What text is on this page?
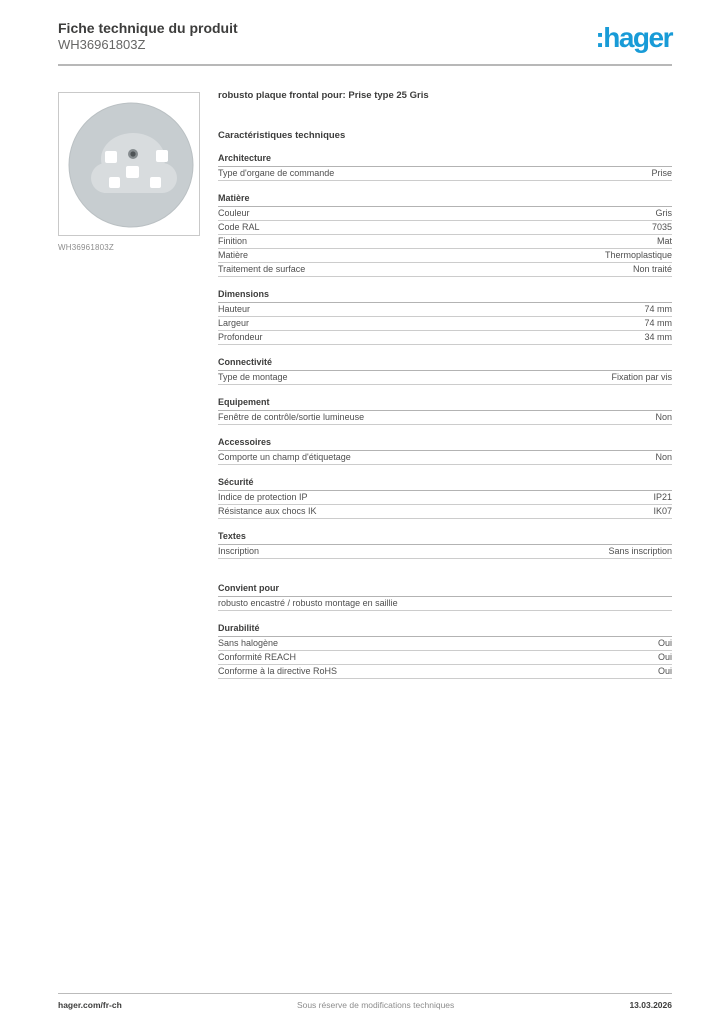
Fiche technique du produit
WH36961803Z	:hager
WH36961803Z
robusto plaque frontal pour: Prise type 25 Gris
Caractéristiques techniques
Architecture
Type d'organe de commande	Prise
Matière
Couleur	Gris
Code RAL	7035
Finition	Mat
Matière	Thermoplastique
Traitement de surface	Non traité
Dimensions
Hauteur	74 mm
Largeur	74 mm
Profondeur	34 mm
Connectivité
Type de montage	Fixation par vis
Equipement
Fenêtre de contrôle/sortie lumineuse	Non
Accessoires
Comporte un champ d'étiquetage	Non
Sécurité
Indice de protection IP	IP21
Résistance aux chocs IK	IK07
Textes
Inscription	Sans inscription
Convient pour
robusto encastré / robusto montage en saillie
Durabilité
Sans halogène	Oui
Conformité REACH	Oui
Conforme à la directive RoHS	Oui
hager.com/fr-ch	Sous réserve de modifications techniques	13.03.2026
